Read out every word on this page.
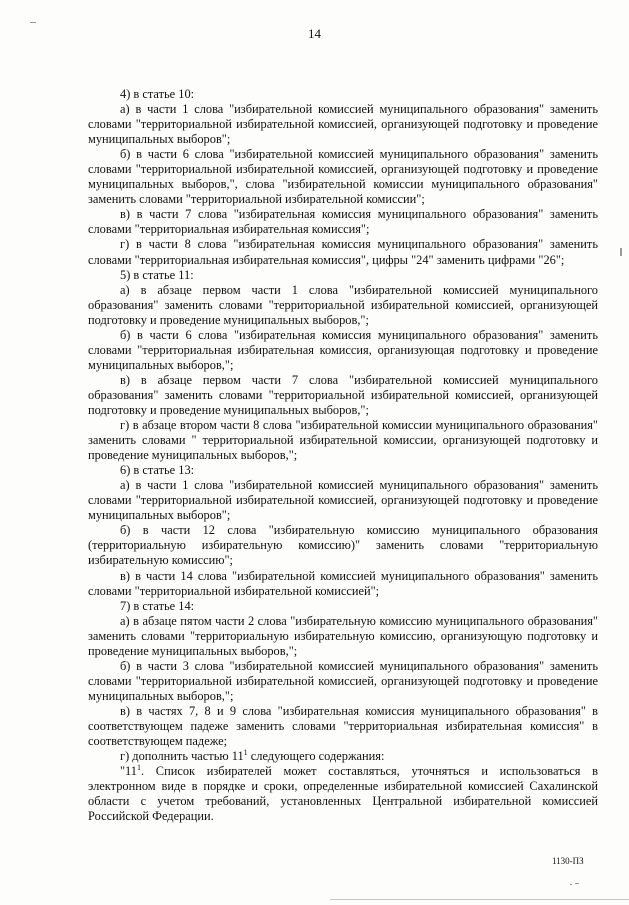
14

4) в статье 10:

а) в части 1 слова "избирательной комиссией муниципального образования" заменить словами "территориальной избирательной комиссией, организующей подготовку и проведение муниципальных выборов";

б) в части 6 слова "избирательной комиссией муниципального образования" заменить словами "территориальной избирательной комиссией, организующей подготовку и проведение муниципальных выборов,", слова "избирательной комиссии муниципального образования" заменить словами "территориальной избирательной комиссии";

в) в части 7 слова "избирательная комиссия муниципального образования" заменить словами "территориальная избирательная комиссия";

г) в части 8 слова "избирательная комиссия муниципального образования" заменить словами "территориальная избирательная комиссия", цифры "24" заменить цифрами "26";

5) в статье 11:

а) в абзаце первом части 1 слова "избирательной комиссией муниципального образования" заменить словами "территориальной избирательной комиссией, организующей подготовку и проведение муниципальных выборов,";

б) в части 6 слова "избирательная комиссия муниципального образования" заменить словами "территориальная избирательная комиссия, организующая подготовку и проведение муниципальных выборов,";

в) в абзаце первом части 7 слова "избирательной комиссией муниципального образования" заменить словами "территориальной избирательной комиссией, организующей подготовку и проведение муниципальных выборов,";

г) в абзаце втором части 8 слова "избирательной комиссии муниципального образования" заменить словами " территориальной избирательной комиссии, организующей подготовку и проведение муниципальных выборов,";

6) в статье 13:

а) в части 1 слова "избирательной комиссией муниципального образования" заменить словами "территориальной избирательной комиссией, организующей подготовку и проведение муниципальных выборов";

б) в части 12 слова "избирательную комиссию муниципального образования (территориальную избирательную комиссию)" заменить словами "территориальную избирательную комиссию";

в) в части 14 слова "избирательной комиссией муниципального образования" заменить словами "территориальной избирательной комиссией";

7) в статье 14:

а) в абзаце пятом части 2 слова "избирательную комиссию муниципального образования" заменить словами "территориальную избирательную комиссию, организующую подготовку и проведение муниципальных выборов,";

б) в части 3 слова "избирательной комиссией муниципального образования" заменить словами "территориальной избирательной комиссией, организующей подготовку и проведение муниципальных выборов,";

в) в частях 7, 8 и 9 слова "избирательная комиссия муниципального образования" в соответствующем падеже заменить словами "территориальная избирательная комиссия" в соответствующем падеже;

г) дополнить частью $11^1$ следующего содержания:

"$11^1$. Список избирателей может составляться, уточняться и использоваться в электронном виде в порядке и сроки, определенные избирательной комиссией Сахалинской области с учетом требований, установленных Центральной избирательной комиссией Российской Федерации.

1130-ПЗ
